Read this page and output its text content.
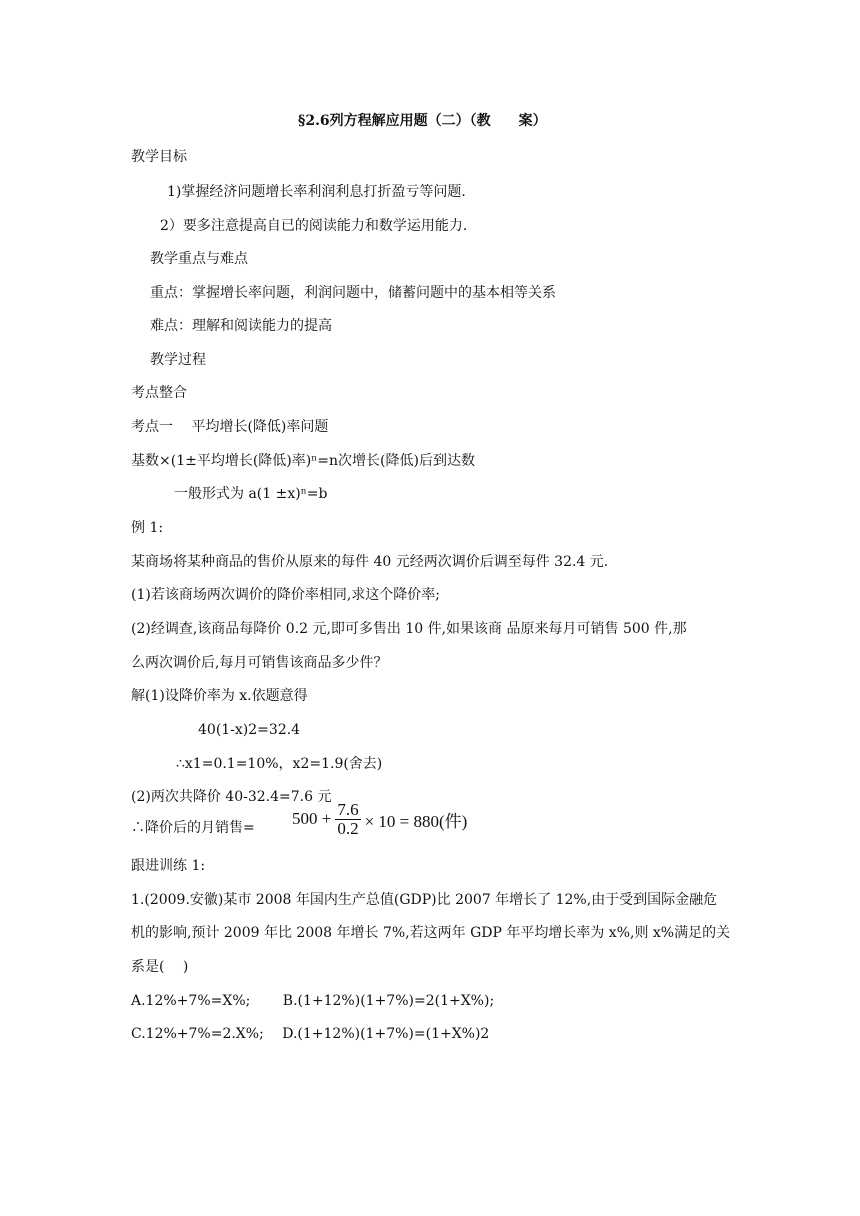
§2.6列方程解应用题（二）（教　　案）
教学目标
1)掌握经济问题增长率利润利息打折盈亏等问题.
2）要多注意提高自已的阅读能力和数学运用能力.
教学重点与难点
重点：掌握增长率问题，利润问题中，储蓄问题中的基本相等关系
难点：理解和阅读能力的提高
教学过程
考点整合
考点一　 平均增长(降低)率问题
基数×(1±平均增长(降低)率)ⁿ=n次增长(降低)后到达数
一般形式为 a(1 ±x)ⁿ=b
例 1:
某商场将某种商品的售价从原来的每件 40 元经两次调价后调至每件 32.4 元.
(1)若该商场两次调价的降价率相同,求这个降价率;
(2)经调查,该商品每降价 0.2 元,即可多售出 10 件,如果该商 品原来每月可销售 500 件,那
么两次调价后,每月可销售该商品多少件？
解(1)设降价率为 x.依题意得
40(1-x)2=32.4
∴x1=0.1=10%，x2=1.9(舍去)
(2)两次共降价 40-32.4=7.6 元
∴降价后的月销售= $500 + \frac{7.6}{0.2} \times 10 = 880$(件)
跟进训练 1:
1.(2009.安徽)某市 2008 年国内生产总值(GDP)比 2007 年增长了 12%,由于受到国际金融危
机的影响,预计 2009 年比 2008 年增长 7%,若这两年 GDP 年平均增长率为 x%,则 x%满足的关
系是(　 )
A.12%+7%=X%;　　 B.(1+12%)(1+7%)=2(1+X%);
C.12%+7%=2.X%;　 D.(1+12%)(1+7%)=(1+X%)2
